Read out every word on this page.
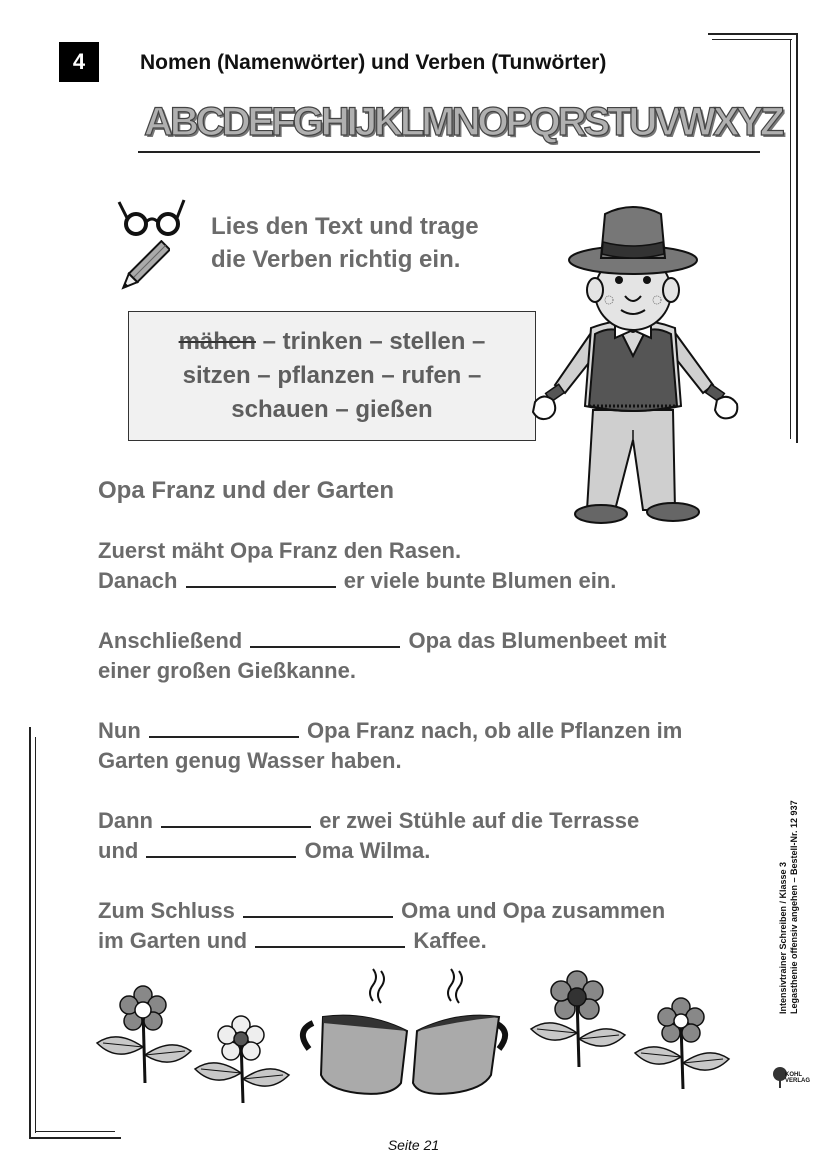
4	Nomen (Namenwörter) und Verben (Tunwörter)
ABCDEFGHIJKLMNOPQRSTUVWXYZ
Lies den Text und trage
die Verben richtig ein.
mähen – trinken – stellen –
sitzen – pflanzen – rufen –
schauen – gießen
Opa Franz und der Garten
Zuerst mäht Opa Franz den Rasen.
Danach	er viele bunte Blumen ein.
Anschließend	Opa das Blumenbeet mit
einer großen Gießkanne.
Nun	Opa Franz nach, ob alle Pflanzen im
Garten genug Wasser haben.
Dann	er zwei Stühle auf die Terrasse
und	Oma Wilma.
Zum Schluss	Oma und Opa zusammen
im Garten und	Kaffee.	Intensivtrainer Schreiben / Klasse 3 Legasthenie offensiv angehen – Bestell-Nr. 12 937
KOHL VERLAG
Seite 21
